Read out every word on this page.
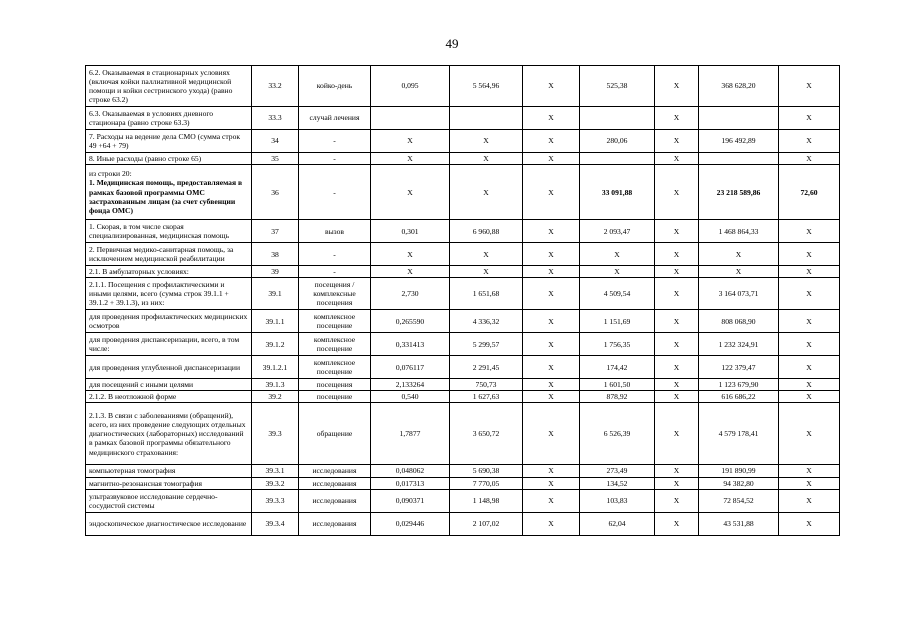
49
6.2. Оказываемая в стационарных условиях (включая койки паллиативной медицинской помощи и койки сестринского ухода) (равно строке 63.2)	33.2	койко-день	0,095	5 564,96	X	525,38	X	368 628,20	X
6.3. Оказываемая в условиях дневного стационара (равно строке 63.3)	33.3	случай лечения			X		X		X
7. Расходы на ведение дела СМО (сумма строк 49 +64 + 79)	34	-	X	X	X	280,06	X	196 492,89	X
8. Иные расходы (равно строке 65)	35	-	X	X	X		X		X
из строки 20:
1. Медицинская помощь, предоставляемая в рамках базовой программы ОМС застрахованным лицам (за счет субвенции фонда ОМС)	36	-	X	X	X	33 091,88	X	23 218 589,86	72,60
1. Скорая, в том числе скорая специализированная, медицинская помощь	37	вызов	0,301	6 960,88	X	2 093,47	X	1 468 864,33	X
2. Первичная медико-санитарная помощь, за исключением медицинской реабилитации	38	-	X	X	X	X	X	X	X
2.1. В амбулаторных условиях:	39	-	X	X	X	X	X	X	X
2.1.1. Посещения с профилактическими и иными целями, всего (сумма строк 39.1.1 + 39.1.2 + 39.1.3), из них:	39.1	посещения / комплексные посещения	2,730	1 651,68	X	4 509,54	X	3 164 073,71	X
для проведения профилактических медицинских осмотров	39.1.1	комплексное посещение	0,265590	4 336,32	X	1 151,69	X	808 068,90	X
для проведения диспансеризации, всего, в том числе:	39.1.2	комплексное посещение	0,331413	5 299,57	X	1 756,35	X	1 232 324,91	X
для проведения углубленной диспансеризации	39.1.2.1	комплексное посещение	0,076117	2 291,45	X	174,42	X	122 379,47	X
для посещений с иными целями	39.1.3	посещения	2,133264	750,73	X	1 601,50	X	1 123 679,90	X
2.1.2. В неотложной форме	39.2	посещение	0,540	1 627,63	X	878,92	X	616 686,22	X
2.1.3. В связи с заболеваниями (обращений), всего, из них проведение следующих отдельных диагностических (лабораторных) исследований в рамках базовой программы обязательного медицинского страхования:	39.3	обращение	1,7877	3 650,72	X	6 526,39	X	4 579 178,41	X
компьютерная томография	39.3.1	исследования	0,048062	5 690,38	X	273,49	X	191 890,99	X
магнитно-резонансная томография	39.3.2	исследования	0,017313	7 770,05	X	134,52	X	94 382,80	X
ультразвуковое исследование сердечно-сосудистой системы	39.3.3	исследования	0,090371	1 148,98	X	103,83	X	72 854,52	X
эндоскопическое диагностическое исследование	39.3.4	исследования	0,029446	2 107,02	X	62,04	X	43 531,88	X
